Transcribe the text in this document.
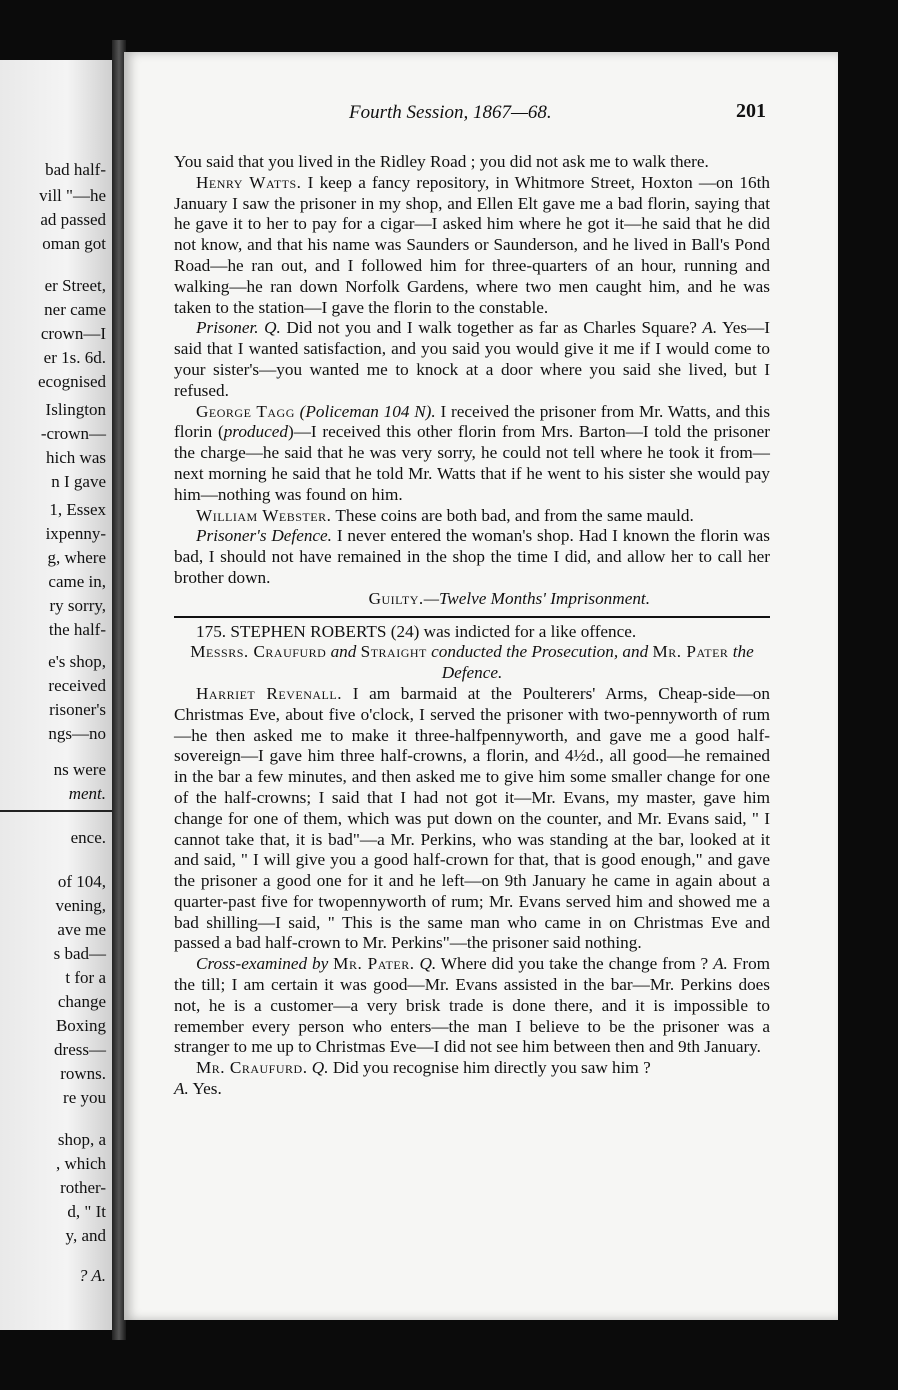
bad half-
vill "—he
ad passed
oman got
er Street,
ner came
crown—I
er 1s. 6d.
ecognised
Islington
-crown—
hich was
n I gave
1, Essex
ixpenny-
g, where
came in,
ry sorry,
the half-
e's shop,
received
risoner's
ngs—no
ns were
ment.
ence.
of 104,
vening,
ave me
s bad—
t for a
change
Boxing
dress—
rowns.
re you
shop, a
, which
rother-
d, " It
y, and
? A.
Fourth Session, 1867—68.	201

You said that you lived in the Ridley Road ; you did not ask me to walk there.

Henry Watts. I keep a fancy repository, in Whitmore Street, Hoxton —on 16th January I saw the prisoner in my shop, and Ellen Elt gave me a bad florin, saying that he gave it to her to pay for a cigar—I asked him where he got it—he said that he did not know, and that his name was Saunders or Saunderson, and he lived in Ball's Pond Road—he ran out, and I followed him for three-quarters of an hour, running and walking—he ran down Norfolk Gardens, where two men caught him, and he was taken to the station—I gave the florin to the constable.

Prisoner. Q. Did not you and I walk together as far as Charles Square? A. Yes—I said that I wanted satisfaction, and you said you would give it me if I would come to your sister's—you wanted me to knock at a door where you said she lived, but I refused.

George Tagg (Policeman 104 N). I received the prisoner from Mr. Watts, and this florin (produced)—I received this other florin from Mrs. Barton—I told the prisoner the charge—he said that he was very sorry, he could not tell where he took it from—next morning he said that he told Mr. Watts that if he went to his sister she would pay him—nothing was found on him.

William Webster. These coins are both bad, and from the same mauld.

Prisoner's Defence. I never entered the woman's shop. Had I known the florin was bad, I should not have remained in the shop the time I did, and allow her to call her brother down.

Guilty.—Twelve Months' Imprisonment.

175. STEPHEN ROBERTS (24) was indicted for a like offence.

Messrs. Craufurd and Straight conducted the Prosecution, and Mr. Pater the Defence.

Harriet Revenall. I am barmaid at the Poulterers' Arms, Cheap-side—on Christmas Eve, about five o'clock, I served the prisoner with two-pennyworth of rum—he then asked me to make it three-halfpennyworth, and gave me a good half-sovereign—I gave him three half-crowns, a florin, and 4½d., all good—he remained in the bar a few minutes, and then asked me to give him some smaller change for one of the half-crowns; I said that I had not got it—Mr. Evans, my master, gave him change for one of them, which was put down on the counter, and Mr. Evans said, " I cannot take that, it is bad"—a Mr. Perkins, who was standing at the bar, looked at it and said, " I will give you a good half-crown for that, that is good enough," and gave the prisoner a good one for it and he left—on 9th January he came in again about a quarter-past five for twopennyworth of rum; Mr. Evans served him and showed me a bad shilling—I said, " This is the same man who came in on Christmas Eve and passed a bad half-crown to Mr. Perkins"—the prisoner said nothing.

Cross-examined by Mr. Pater. Q. Where did you take the change from ? A. From the till; I am certain it was good—Mr. Evans assisted in the bar—Mr. Perkins does not, he is a customer—a very brisk trade is done there, and it is impossible to remember every person who enters—the man I believe to be the prisoner was a stranger to me up to Christmas Eve—I did not see him between then and 9th January.

Mr. Craufurd. Q. Did you recognise him directly you saw him ?

A. Yes.
